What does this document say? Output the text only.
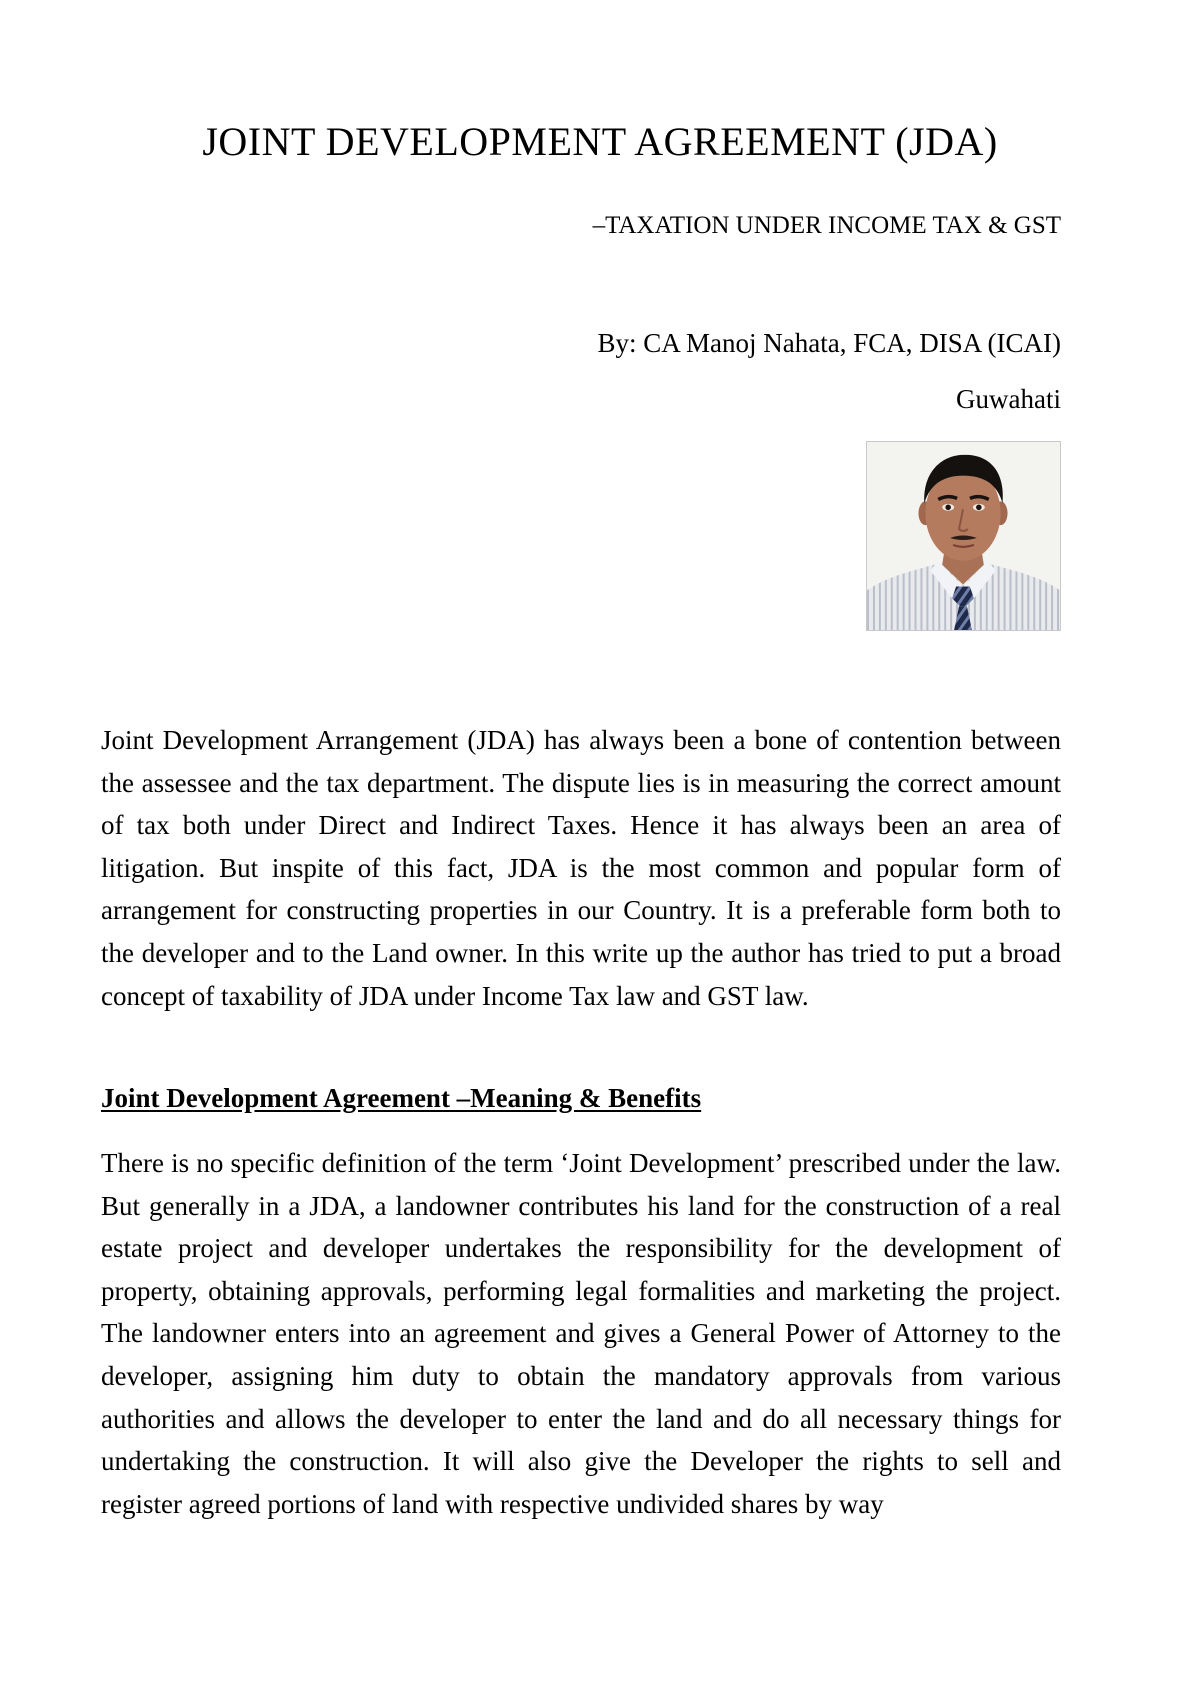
JOINT DEVELOPMENT AGREEMENT (JDA)

–TAXATION UNDER INCOME TAX & GST

By: CA Manoj Nahata, FCA, DISA (ICAI)

Guwahati

Joint Development Arrangement (JDA) has always been a bone of contention between the assessee and the tax department. The dispute lies is in measuring the correct amount of tax both under Direct and Indirect Taxes. Hence it has always been an area of litigation. But inspite of this fact, JDA is the most common and popular form of arrangement for constructing properties in our Country. It is a preferable form both to the developer and to the Land owner. In this write up the author has tried to put a broad concept of taxability of JDA under Income Tax law and GST law.

Joint Development Agreement –Meaning & Benefits

There is no specific definition of the term ‘Joint Development’ prescribed under the law. But generally in a JDA, a landowner contributes his land for the construction of a real estate project and developer undertakes the responsibility for the development of property, obtaining approvals, performing legal formalities and marketing the project. The landowner enters into an agreement and gives a General Power of Attorney to the developer, assigning him duty to obtain the mandatory approvals from various authorities and allows the developer to enter the land and do all necessary things for undertaking the construction. It will also give the Developer the rights to sell and register agreed portions of land with respective undivided shares by way
